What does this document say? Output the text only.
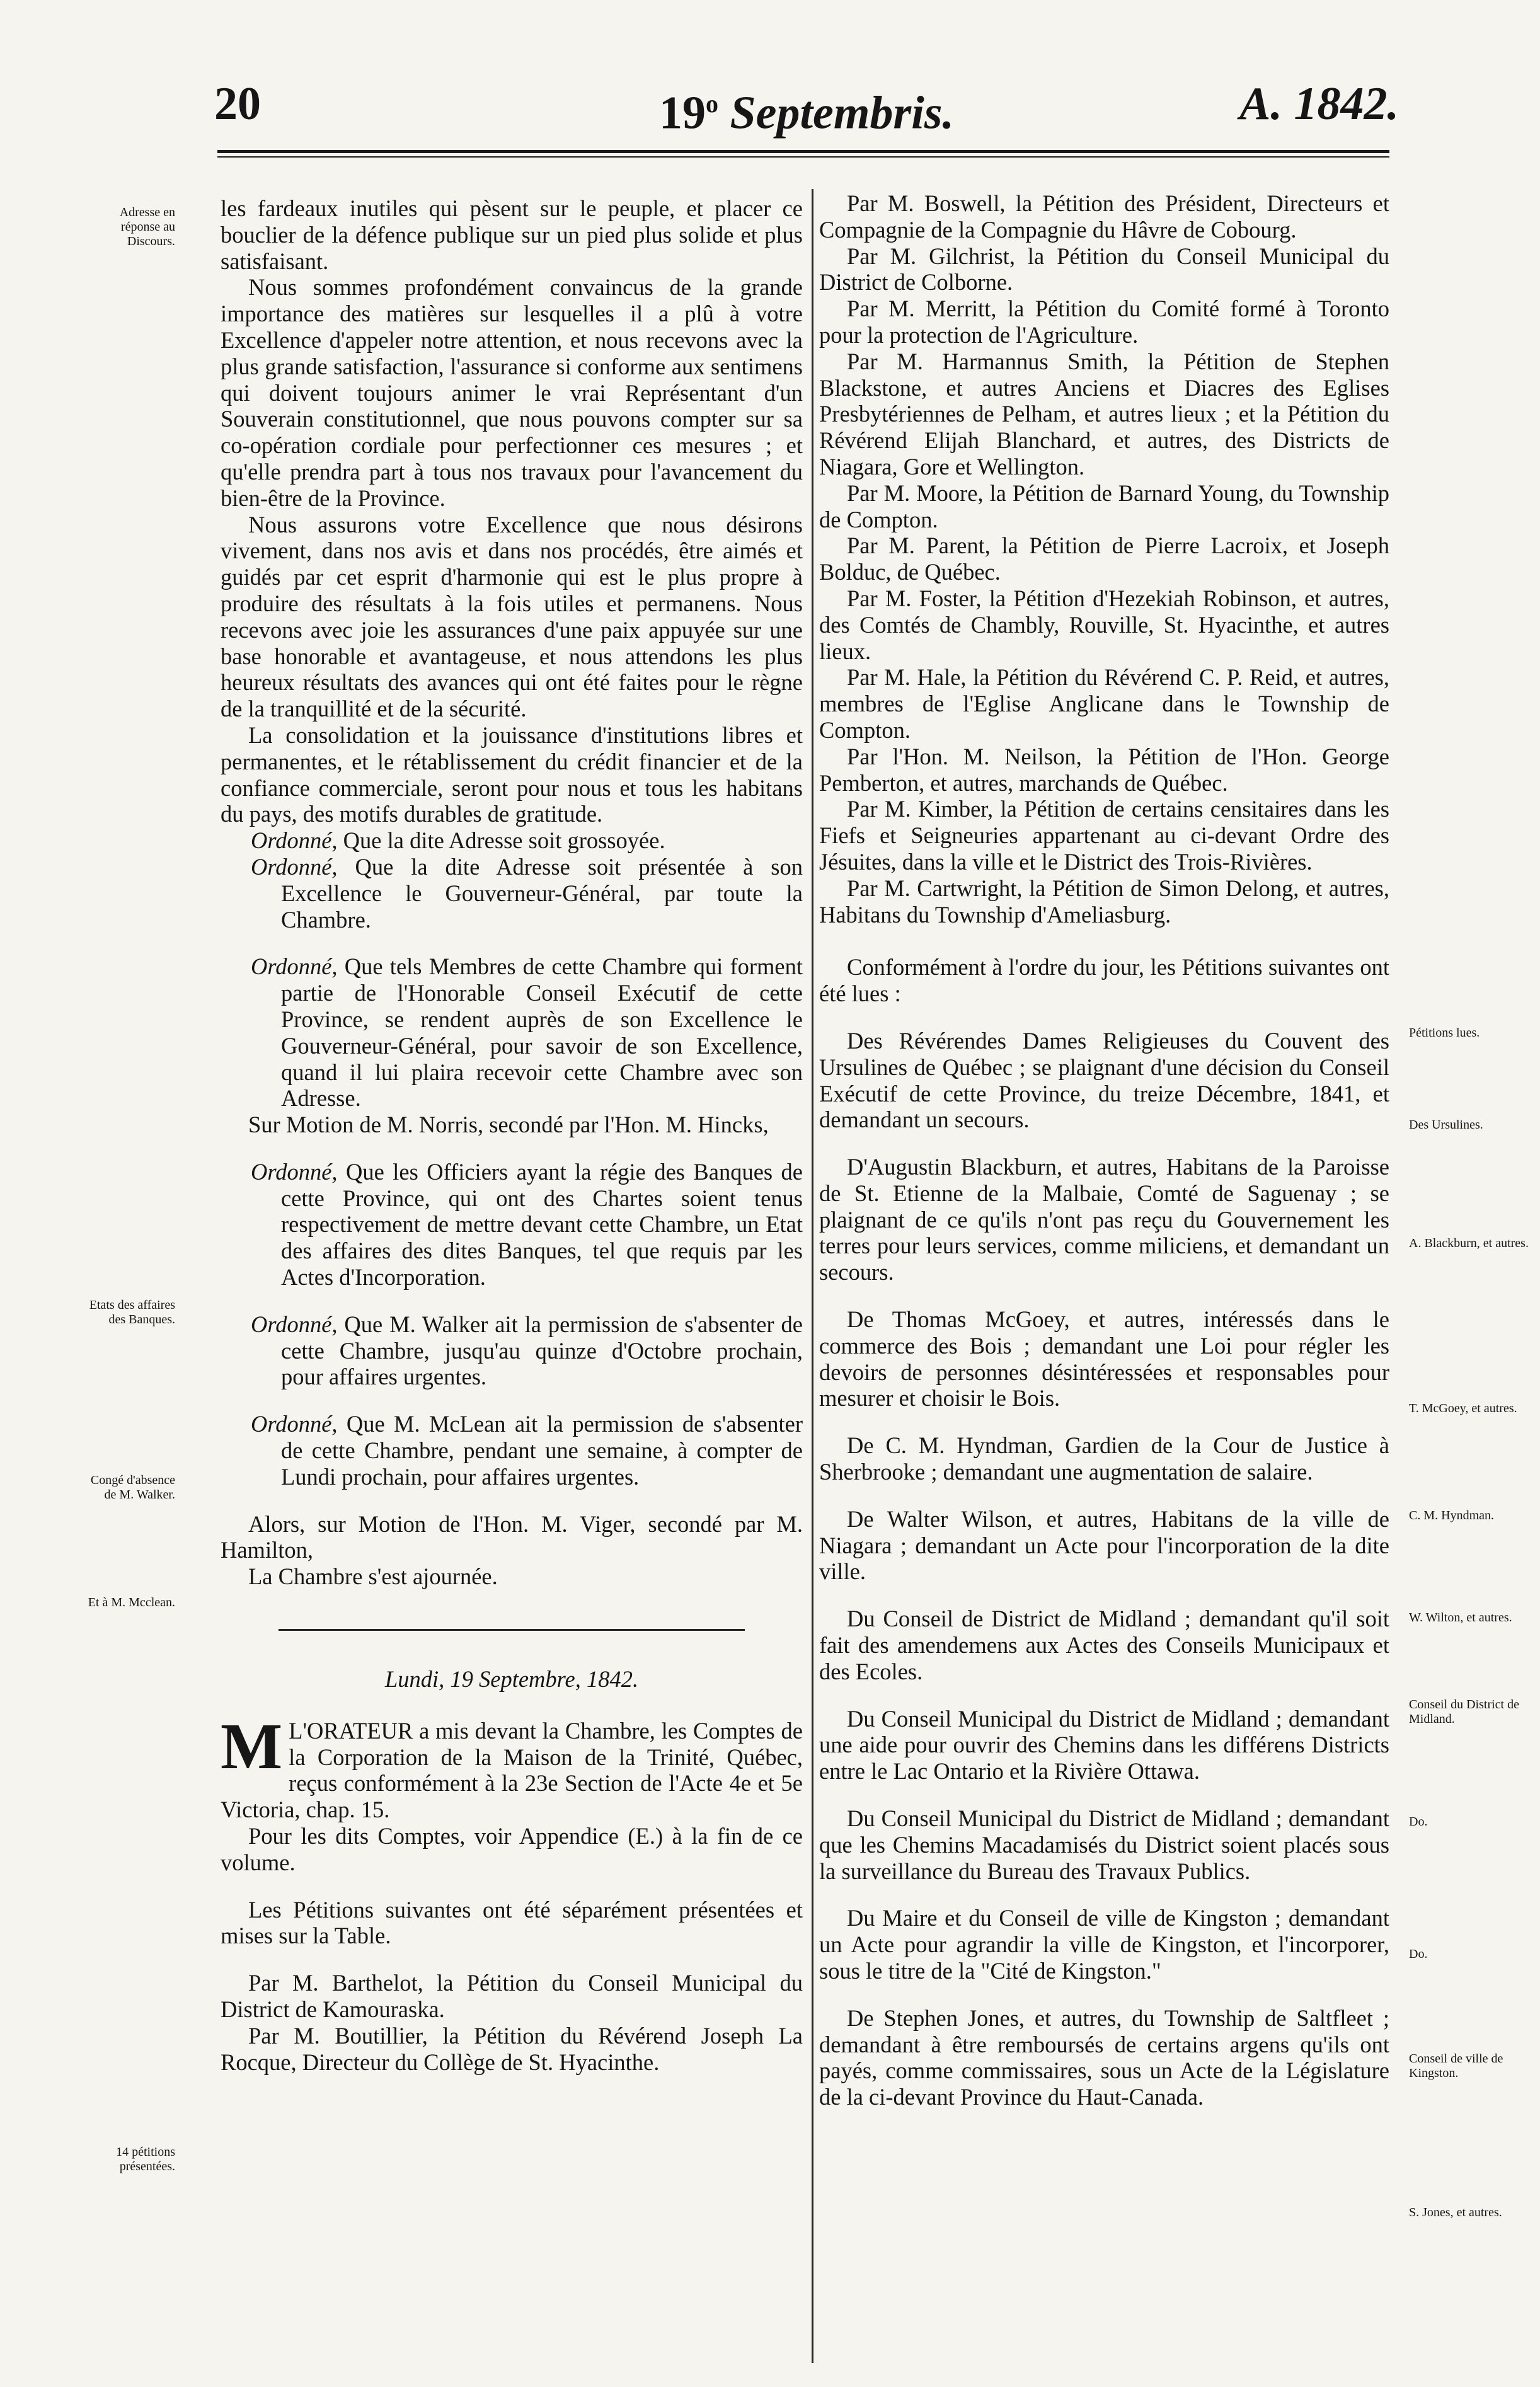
20	19$^o$ Septembris.	A. 1842.
Adresse en réponse au Discours.
Etats des affaires des Banques.
Congé d'absence de M. Walker.
Et à M. Mcclean.
14 pétitions présentées.
Pétitions lues.
Des Ursulines.
A. Blackburn, et autres.
T. McGoey, et autres.
C. M. Hyndman.
W. Wilton, et autres.
Conseil du District de Midland.
Do.
Do.
Conseil de ville de Kingston.
S. Jones, et autres.

les fardeaux inutiles qui pèsent sur le peuple, et placer ce bouclier de la défence publique sur un pied plus solide et plus satisfaisant.

Nous sommes profondément convaincus de la grande importance des matières sur lesquelles il a plû à votre Excellence d'appeler notre attention, et nous recevons avec la plus grande satisfaction, l'assurance si conforme aux sentimens qui doivent toujours animer le vrai Représentant d'un Souverain constitutionnel, que nous pouvons compter sur sa co-opération cordiale pour perfectionner ces mesures ; et qu'elle prendra part à tous nos travaux pour l'avancement du bien-être de la Province.

Nous assurons votre Excellence que nous désirons vivement, dans nos avis et dans nos procédés, être aimés et guidés par cet esprit d'harmonie qui est le plus propre à produire des résultats à la fois utiles et permanens. Nous recevons avec joie les assurances d'une paix appuyée sur une base honorable et avantageuse, et nous attendons les plus heureux résultats des avances qui ont été faites pour le règne de la tranquillité et de la sécurité.

La consolidation et la jouissance d'institutions libres et permanentes, et le rétablissement du crédit financier et de la confiance commerciale, seront pour nous et tous les habitans du pays, des motifs durables de gratitude.

Ordonné, Que la dite Adresse soit grossoyée.

Ordonné, Que la dite Adresse soit présentée à son Excellence le Gouverneur-Général, par toute la Chambre.

Ordonné, Que tels Membres de cette Chambre qui forment partie de l'Honorable Conseil Exécutif de cette Province, se rendent auprès de son Excellence le Gouverneur-Général, pour savoir de son Excellence, quand il lui plaira recevoir cette Chambre avec son Adresse.

Sur Motion de M. Norris, secondé par l'Hon. M. Hincks,

Ordonné, Que les Officiers ayant la régie des Banques de cette Province, qui ont des Chartes soient tenus respectivement de mettre devant cette Chambre, un Etat des affaires des dites Banques, tel que requis par les Actes d'Incorporation.

Ordonné, Que M. Walker ait la permission de s'absenter de cette Chambre, jusqu'au quinze d'Octobre prochain, pour affaires urgentes.

Ordonné, Que M. McLean ait la permission de s'absenter de cette Chambre, pendant une semaine, à compter de Lundi prochain, pour affaires urgentes.

Alors, sur Motion de l'Hon. M. Viger, secondé par M. Hamilton,

La Chambre s'est ajournée.

Lundi, 19 Septembre, 1842.

M L'ORATEUR a mis devant la Chambre, les Comptes de la Corporation de la Maison de la Trinité, Québec, reçus conformément à la 23e Section de l'Acte 4e et 5e Victoria, chap. 15.

Pour les dits Comptes, voir Appendice (E.) à la fin de ce volume.

Les Pétitions suivantes ont été séparément présentées et mises sur la Table.

Par M. Barthelot, la Pétition du Conseil Municipal du District de Kamouraska.

Par M. Boutillier, la Pétition du Révérend Joseph La Rocque, Directeur du Collège de St. Hyacinthe.

Par M. Boswell, la Pétition des Président, Directeurs et Compagnie de la Compagnie du Hâvre de Cobourg.

Par M. Gilchrist, la Pétition du Conseil Municipal du District de Colborne.

Par M. Merritt, la Pétition du Comité formé à Toronto pour la protection de l'Agriculture.

Par M. Harmannus Smith, la Pétition de Stephen Blackstone, et autres Anciens et Diacres des Eglises Presbytériennes de Pelham, et autres lieux ; et la Pétition du Révérend Elijah Blanchard, et autres, des Districts de Niagara, Gore et Wellington.

Par M. Moore, la Pétition de Barnard Young, du Township de Compton.

Par M. Parent, la Pétition de Pierre Lacroix, et Joseph Bolduc, de Québec.

Par M. Foster, la Pétition d'Hezekiah Robinson, et autres, des Comtés de Chambly, Rouville, St. Hyacinthe, et autres lieux.

Par M. Hale, la Pétition du Révérend C. P. Reid, et autres, membres de l'Eglise Anglicane dans le Township de Compton.

Par l'Hon. M. Neilson, la Pétition de l'Hon. George Pemberton, et autres, marchands de Québec.

Par M. Kimber, la Pétition de certains censitaires dans les Fiefs et Seigneuries appartenant au ci-devant Ordre des Jésuites, dans la ville et le District des Trois-Rivières.

Par M. Cartwright, la Pétition de Simon Delong, et autres, Habitans du Township d'Ameliasburg.

Conformément à l'ordre du jour, les Pétitions suivantes ont été lues :

Des Révérendes Dames Religieuses du Couvent des Ursulines de Québec ; se plaignant d'une décision du Conseil Exécutif de cette Province, du treize Décembre, 1841, et demandant un secours.

D'Augustin Blackburn, et autres, Habitans de la Paroisse de St. Etienne de la Malbaie, Comté de Saguenay ; se plaignant de ce qu'ils n'ont pas reçu du Gouvernement les terres pour leurs services, comme miliciens, et demandant un secours.

De Thomas McGoey, et autres, intéressés dans le commerce des Bois ; demandant une Loi pour régler les devoirs de personnes désintéressées et responsables pour mesurer et choisir le Bois.

De C. M. Hyndman, Gardien de la Cour de Justice à Sherbrooke ; demandant une augmentation de salaire.

De Walter Wilson, et autres, Habitans de la ville de Niagara ; demandant un Acte pour l'incorporation de la dite ville.

Du Conseil de District de Midland ; demandant qu'il soit fait des amendemens aux Actes des Conseils Municipaux et des Ecoles.

Du Conseil Municipal du District de Midland ; demandant une aide pour ouvrir des Chemins dans les différens Districts entre le Lac Ontario et la Rivière Ottawa.

Du Conseil Municipal du District de Midland ; demandant que les Chemins Macadamisés du District soient placés sous la surveillance du Bureau des Travaux Publics.

Du Maire et du Conseil de ville de Kingston ; demandant un Acte pour agrandir la ville de Kingston, et l'incorporer, sous le titre de la "Cité de Kingston."

De Stephen Jones, et autres, du Township de Saltfleet ; demandant à être remboursés de certains argens qu'ils ont payés, comme commissaires, sous un Acte de la Législature de la ci-devant Province du Haut-Canada.
